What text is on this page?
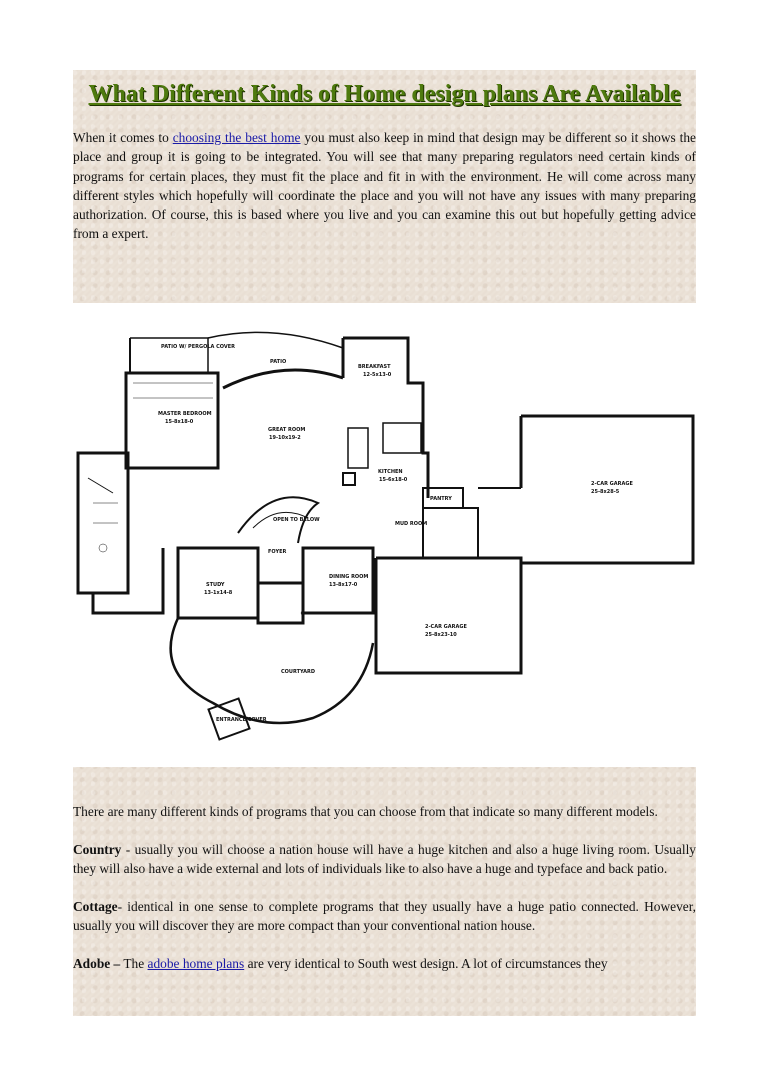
What Different Kinds of Home design plans Are Available

When it comes to choosing the best home you must also keep in mind that design may be different so it shows the place and group it is going to be integrated. You will see that many preparing regulators need certain kinds of programs for certain places, they must fit the place and fit in with the environment. He will come across many different styles which hopefully will coordinate the place and you will not have any issues with many preparing authorization. Of course, this is based where you live and you can examine this out but hopefully getting advice from a expert.

PATIO W/ PERGOLA COVER
PATIO
BREAKFAST
12-5x13-0
MASTER BEDROOM
15-8x18-0
GREAT ROOM
19-10x19-2
KITCHEN
15-6x18-0
PANTRY
2-CAR GARAGE
25-8x28-5
OPEN TO BELOW
MUD ROOM
FOYER
STUDY
13-1x14-8
DINING ROOM
13-8x17-0
2-CAR GARAGE
25-8x23-10
COURTYARD
ENTRANCE COVER

There are many different kinds of programs that you can choose from that indicate so many different models.

Country - usually you will choose a nation house will have a huge kitchen and also a huge living room. Usually they will also have a wide external and lots of individuals like to also have a huge and typeface and back patio.

Cottage- identical in one sense to complete programs that they usually have a huge patio connected. However, usually you will discover they are more compact than your conventional nation house.

Adobe – The adobe home plans are very identical to South west design. A lot of circumstances they
